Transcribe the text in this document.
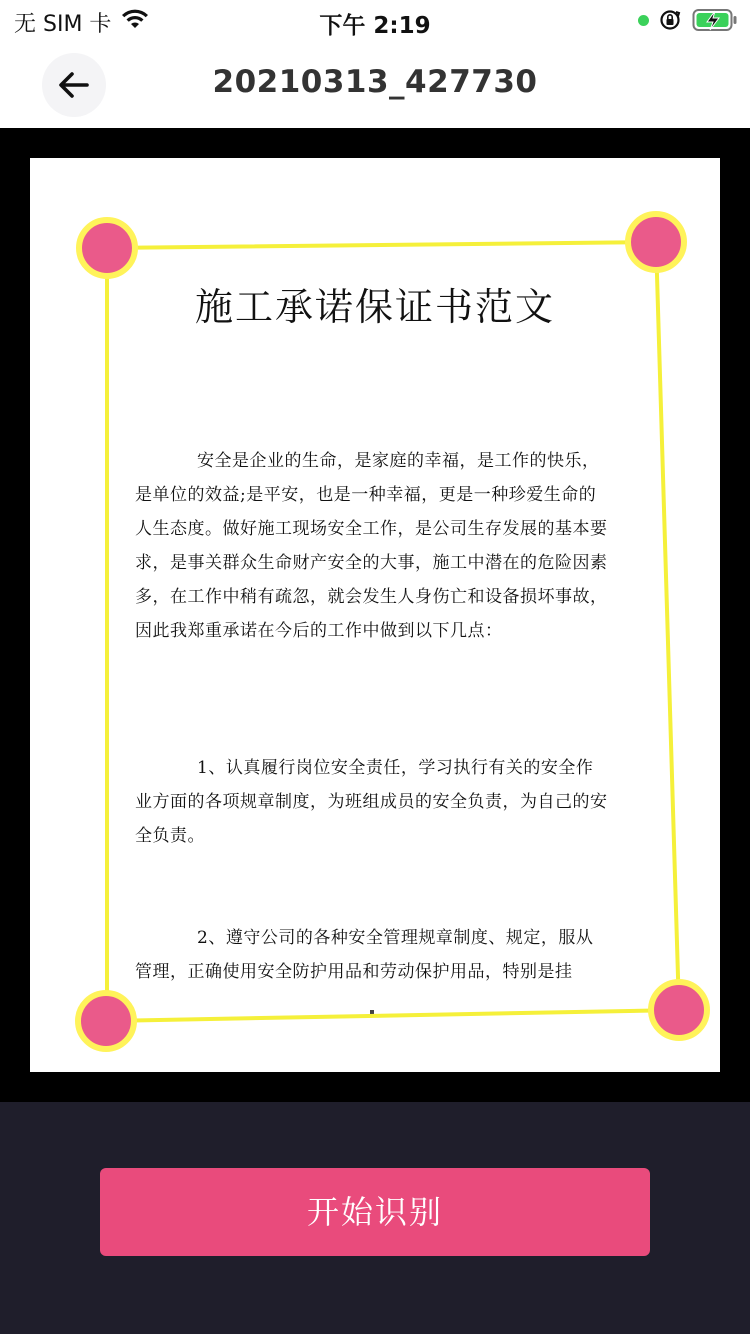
无 SIM 卡	下午 2:19
20210313_427730
施工承诺保证书范文
安全是企业的生命，是家庭的幸福，是工作的快乐，是单位的效益;是平安，也是一种幸福，更是一种珍爱生命的人生态度。做好施工现场安全工作，是公司生存发展的基本要求，是事关群众生命财产安全的大事，施工中潜在的危险因素多，在工作中稍有疏忽，就会发生人身伤亡和设备损坏事故，因此我郑重承诺在今后的工作中做到以下几点：
1、认真履行岗位安全责任，学习执行有关的安全作业方面的各项规章制度，为班组成员的安全负责，为自己的安全负责。
2、遵守公司的各种安全管理规章制度、规定，服从管理，正确使用安全防护用品和劳动保护用品，特别是挂
开始识别
